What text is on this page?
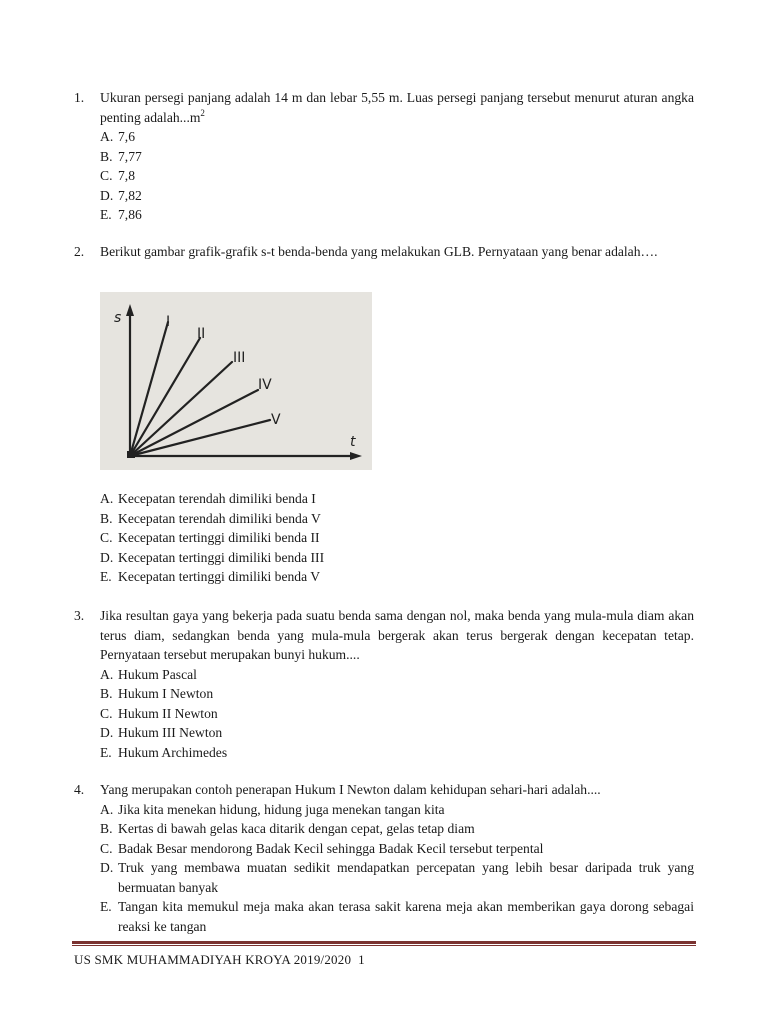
1. Ukuran persegi panjang adalah 14 m dan lebar 5,55 m. Luas persegi panjang tersebut menurut aturan angka penting $adalah...m^2$
A. 7,6
B. 7,77
C. 7,8
D. 7,82
E. 7,86
2. Berikut gambar grafik-grafik s-t benda-benda yang melakukan GLB. Pernyataan yang benar adalah….
s
t
I
II
III
IV
V
A. Kecepatan terendah dimiliki benda I
B. Kecepatan terendah dimiliki benda V
C. Kecepatan tertinggi dimiliki benda II
D. Kecepatan tertinggi dimiliki benda III
E. Kecepatan tertinggi dimiliki benda V
3. Jika resultan gaya yang bekerja pada suatu benda sama dengan nol, maka benda yang mula-mula diam akan terus diam, sedangkan benda yang mula-mula bergerak akan terus bergerak dengan kecepatan tetap. Pernyataan tersebut merupakan bunyi hukum....
A. Hukum Pascal
B. Hukum I Newton
C. Hukum II Newton
D. Hukum III Newton
E. Hukum Archimedes
4. Yang merupakan contoh penerapan Hukum I Newton dalam kehidupan sehari-hari adalah....
A. Jika kita menekan hidung, hidung juga menekan tangan kita
B. Kertas di bawah gelas kaca ditarik dengan cepat, gelas tetap diam
C. Badak Besar mendorong Badak Kecil sehingga Badak Kecil tersebut terpental
D. Truk yang membawa muatan sedikit mendapatkan percepatan yang lebih besar daripada truk yang bermuatan banyak
E. Tangan kita memukul meja maka akan terasa sakit karena meja akan memberikan gaya dorong sebagai reaksi ke tangan
US SMK MUHAMMADIYAH KROYA 2019/2020 1
